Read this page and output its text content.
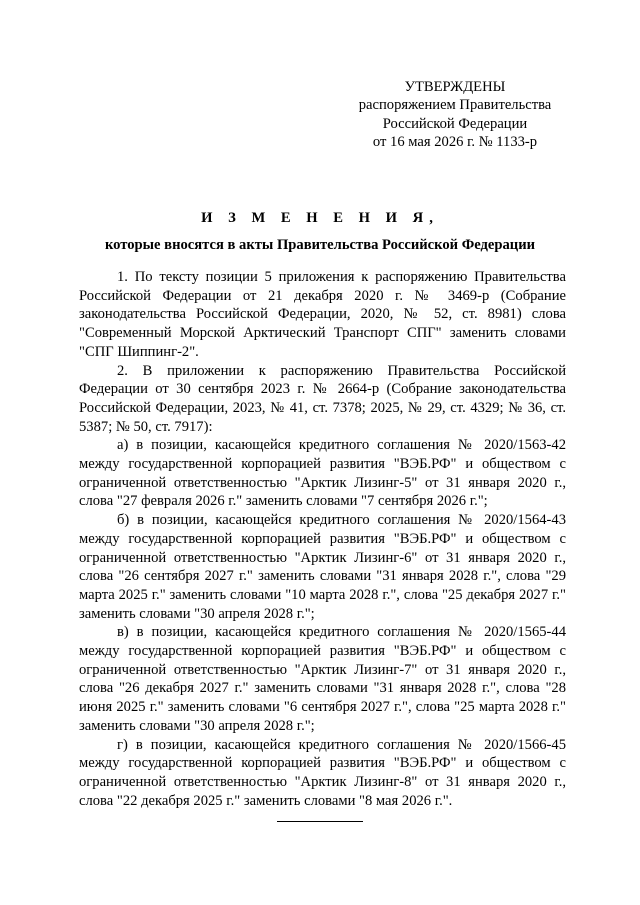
УТВЕРЖДЕНЫ
распоряжением Правительства
Российской Федерации
от 16 мая 2026 г. № 1133-р
И З М Е Н Е Н И Я,
которые вносятся в акты Правительства Российской Федерации

1. По тексту позиции 5 приложения к распоряжению Правительства Российской Федерации от 21 декабря 2020 г. № 3469-р (Собрание законодательства Российской Федерации, 2020, № 52, ст. 8981) слова "Современный Морской Арктический Транспорт СПГ" заменить словами "СПГ Шиппинг-2".

2. В приложении к распоряжению Правительства Российской Федерации от 30 сентября 2023 г. № 2664-р (Собрание законодательства Российской Федерации, 2023, № 41, ст. 7378; 2025, № 29, ст. 4329; № 36, ст. 5387; № 50, ст. 7917):

а) в позиции, касающейся кредитного соглашения № 2020/1563-42 между государственной корпорацией развития "ВЭБ.РФ" и обществом с ограниченной ответственностью "Арктик Лизинг-5" от 31 января 2020 г., слова "27 февраля 2026 г." заменить словами "7 сентября 2026 г.";

б) в позиции, касающейся кредитного соглашения № 2020/1564-43 между государственной корпорацией развития "ВЭБ.РФ" и обществом с ограниченной ответственностью "Арктик Лизинг-6" от 31 января 2020 г., слова "26 сентября 2027 г." заменить словами "31 января 2028 г.", слова "29 марта 2025 г." заменить словами "10 марта 2028 г.", слова "25 декабря 2027 г." заменить словами "30 апреля 2028 г.";

в) в позиции, касающейся кредитного соглашения № 2020/1565-44 между государственной корпорацией развития "ВЭБ.РФ" и обществом с ограниченной ответственностью "Арктик Лизинг-7" от 31 января 2020 г., слова "26 декабря 2027 г." заменить словами "31 января 2028 г.", слова "28 июня 2025 г." заменить словами "6 сентября 2027 г.", слова "25 марта 2028 г." заменить словами "30 апреля 2028 г.";

г) в позиции, касающейся кредитного соглашения № 2020/1566-45 между государственной корпорацией развития "ВЭБ.РФ" и обществом с ограниченной ответственностью "Арктик Лизинг-8" от 31 января 2020 г., слова "22 декабря 2025 г." заменить словами "8 мая 2026 г.".
